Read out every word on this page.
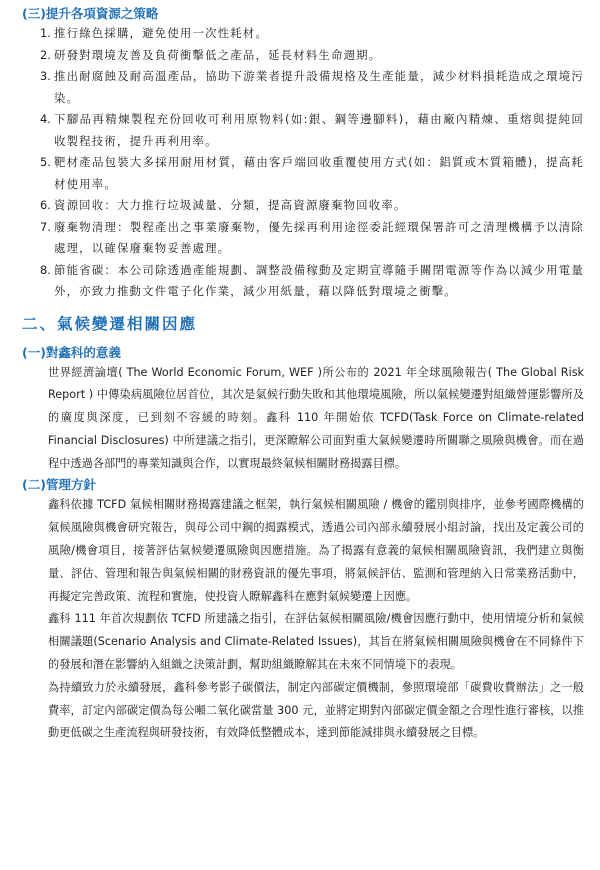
(三)提升各項資源之策略
1. 推行綠色採購，避免使用一次性耗材。
2. 研發對環境友善及負荷衝擊低之產品，延長材料生命週期。
3. 推出耐腐蝕及耐高溫產品，協助下游業者提升設備規格及生產能量，減少材料損耗造成之環境污染。
4. 下腳品再精煉製程充份回收可利用原物料(如:銀、鋼等邊腳料)，藉由廠內精煉、重熔與提純回收製程技術，提升再利用率。
5. 靶材產品包裝大多採用耐用材質，藉由客戶端回收重覆使用方式(如：鋁質或木質箱體)，提高耗材使用率。
6. 資源回收：大力推行垃圾減量、分類，提高資源廢棄物回收率。
7. 廢棄物清理：製程產出之事業廢棄物，優先採再利用途徑委託經環保署許可之清理機構予以清除處理，以確保廢棄物妥善處理。
8. 節能省碳：本公司除透過產能規劃、調整設備稼動及定期宣導隨手關閉電源等作為以減少用電量外，亦致力推動文件電子化作業，減少用紙量，藉以降低對環境之衝擊。
二、氣候變遷相關因應
(一)對鑫科的意義

世界經濟論壇( The World Economic Forum, WEF )所公布的 2021 年全球風險報告( The Global Risk Report ) 中傳染病風險位居首位，其次是氣候行動失敗和其他環境風險，所以氣候變遷對組織營運影響所及的廣度與深度，已到刻不容緩的時刻。鑫科 110 年開始依 TCFD(Task Force on Climate-related Financial Disclosures) 中所建議之指引，更深瞭解公司面對重大氣候變遷時所關聯之風險與機會。而在過程中透過各部門的專業知識與合作，以實現最終氣候相關財務揭露目標。

(二)管理方針

鑫科依據 TCFD 氣候相關財務揭露建議之框架，執行氣候相關風險 / 機會的鑑別與排序，並參考國際機構的氣候風險與機會研究報告，與母公司中鋼的揭露模式，透過公司內部永續發展小組討論，找出及定義公司的風險/機會項目，接著評估氣候變遷風險與因應措施。為了揭露有意義的氣候相關風險資訊，我們建立與衡量、評估、管理和報告與氣候相關的財務資訊的優先事項，將氣候評估、監測和管理納入日常業務活動中，再擬定完善政策、流程和實施，使投資人瞭解鑫科在應對氣候變遷上因應。

鑫科 111 年首次規劃依 TCFD 所建議之指引，在評估氣候相關風險/機會因應行動中，使用情境分析和氣候相關議題(Scenario Analysis and Climate-Related Issues)，其旨在將氣候相關風險與機會在不同條件下的發展和潛在影響納入組織之決策計劃，幫助組織瞭解其在未來不同情境下的表現。

為持續致力於永續發展，鑫科參考影子碳價法，制定內部碳定價機制，參照環境部「碳費收費辦法」之一般費率，訂定內部碳定價為每公噸二氧化碳當量 300 元，並將定期對內部碳定價金額之合理性進行審核，以推動更低碳之生產流程與研發技術，有效降低整體成本，達到節能減排與永續發展之目標。
